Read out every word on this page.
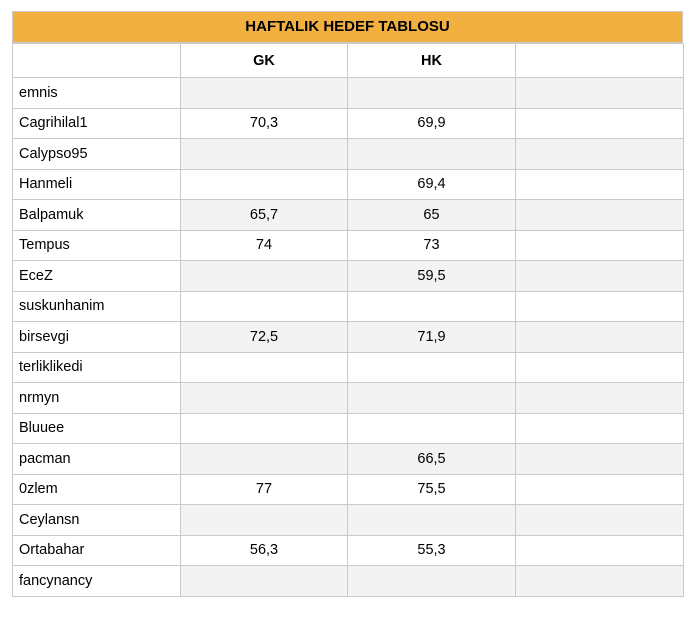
HAFTALIK HEDEF TABLOSU
	GK	HK	
emnis			
Cagrihilal1	70,3	69,9	
Calypso95			
Hanmeli		69,4	
Balpamuk	65,7	65	
Tempus	74	73	
EceZ		59,5	
suskunhanim			
birsevgi	72,5	71,9	
terliklikedi			
nrmyn			
Bluuee			
pacman		66,5	
0zlem	77	75,5	
Ceylansn			
Ortabahar	56,3	55,3	
fancynancy			
